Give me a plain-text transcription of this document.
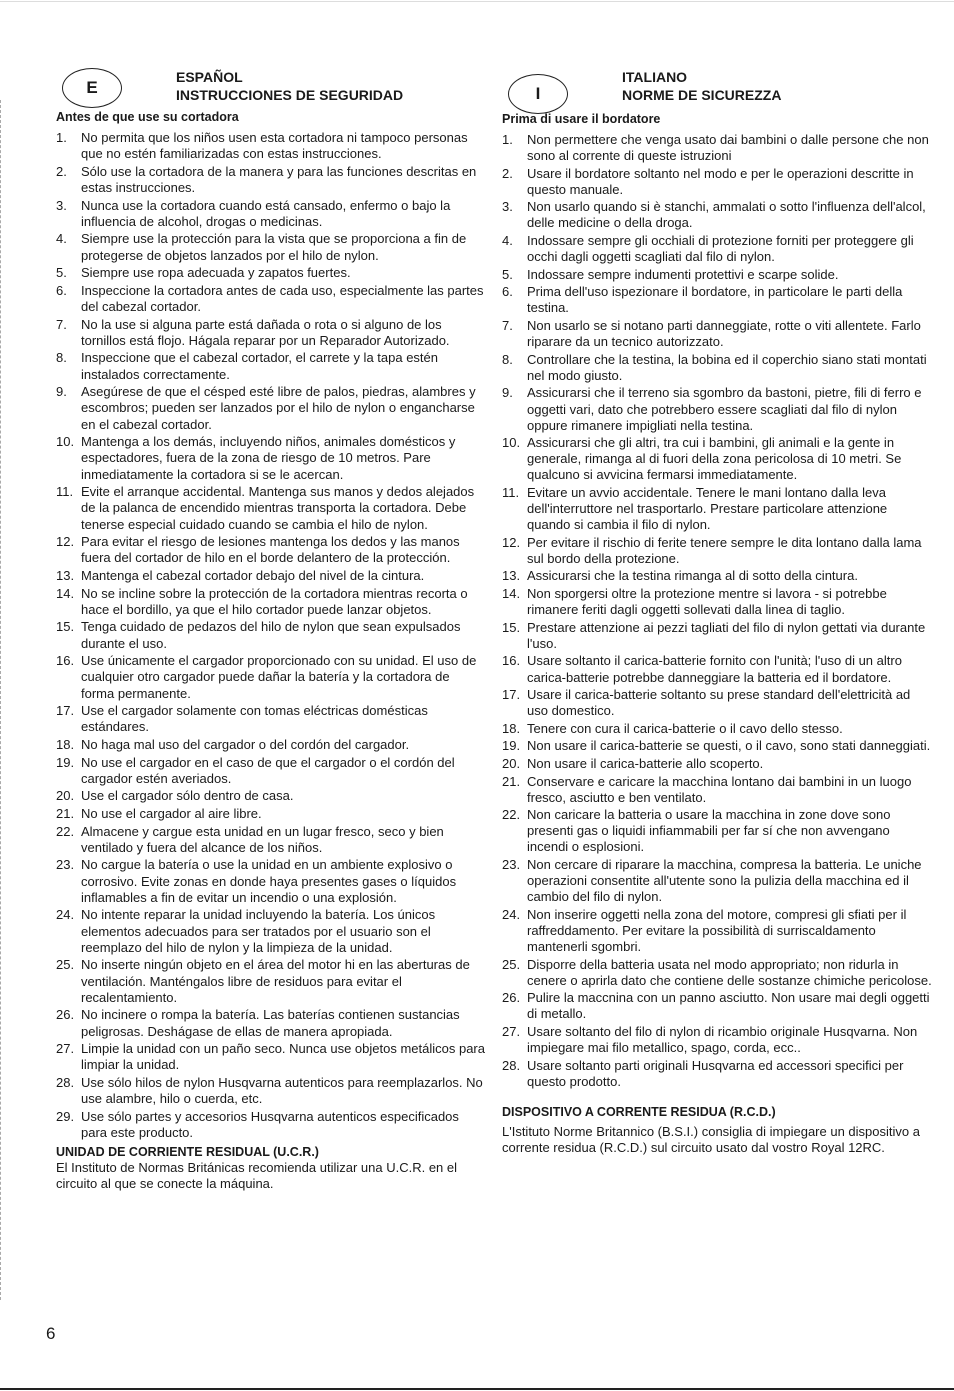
E
ESPAÑOL
INSTRUCCIONES DE SEGURIDAD
Antes de que use su cortadora
1.	No permita que los niños usen esta cortadora ni tampoco personas que no estén familiarizadas con estas instrucciones.
2.	Sólo use la cortadora de la manera y para las funciones descritas en estas instrucciones.
3.	Nunca use la cortadora cuando está cansado, enfermo o bajo la influencia de alcohol, drogas o medicinas.
4.	Siempre use la protección para la vista que se proporciona a fin de protegerse de objetos lanzados por el hilo de nylon.
5.	Siempre use ropa adecuada y zapatos fuertes.
6.	Inspeccione la cortadora antes de cada uso, especialmente las partes del cabezal cortador.
7.	No la use si alguna parte está dañada o rota o si alguno de los tornillos está flojo. Hágala reparar por un Reparador Autorizado.
8.	Inspeccione que el cabezal cortador, el carrete y la tapa estén instalados correctamente.
9.	Asegúrese de que el césped esté libre de palos, piedras, alambres y escombros; pueden ser lanzados por el hilo de nylon o engancharse en el cabezal cortador.
10. Mantenga a los demás, incluyendo niños, animales domésticos y espectadores, fuera de la zona de riesgo de 10 metros. Pare inmediatamente la cortadora si se le acercan.
11. Evite el arranque accidental. Mantenga sus manos y dedos alejados de la palanca de encendido mientras transporta la cortadora. Debe tenerse especial cuidado cuando se cambia el hilo de nylon.
12. Para evitar el riesgo de lesiones mantenga los dedos y las manos fuera del cortador de hilo en el borde delantero de la protección.
13. Mantenga el cabezal cortador debajo del nivel de la cintura.
14. No se incline sobre la protección de la cortadora mientras recorta o hace el bordillo, ya que el hilo cortador puede lanzar objetos.
15. Tenga cuidado de pedazos del hilo de nylon que sean expulsados durante el uso.
16. Use únicamente el cargador proporcionado con su unidad. El uso de cualquier otro cargador puede dañar la batería y la cortadora de forma permanente.
17. Use el cargador solamente con tomas eléctricas domésticas estándares.
18. No haga mal uso del cargador o del cordón del cargador.
19. No use el cargador en el caso de que el cargador o el cordón del cargador estén averiados.
20. Use el cargador sólo dentro de casa.
21. No use el cargador al aire libre.
22. Almacene y cargue esta unidad en un lugar fresco, seco y bien ventilado y fuera del alcance de los niños.
23. No cargue la batería o use la unidad en un ambiente explosivo o corrosivo. Evite zonas en donde haya presentes gases o líquidos inflamables a fin de evitar un incendio o una explosión.
24. No intente reparar la unidad incluyendo la batería. Los únicos elementos adecuados para ser tratados por el usuario son el reemplazo del hilo de nylon y la limpieza de la unidad.
25. No inserte ningún objeto en el área del motor hi en las aberturas de ventilación. Manténgalos libre de residuos para evitar el recalentamiento.
26. No incinere o rompa la batería. Las baterías contienen sustancias peligrosas. Deshágase de ellas de manera apropiada.
27. Limpie la unidad con un paño seco. Nunca use objetos metálicos para limpiar la unidad.
28. Use sólo hilos de nylon Husqvarna autenticos para reemplazarlos. No use alambre, hilo o cuerda, etc.
29. Use sólo partes y accesorios Husqvarna autenticos especificados para este producto.
UNIDAD DE CORRIENTE RESIDUAL (U.C.R.)
El Instituto de Normas Británicas recomienda utilizar una U.C.R. en el circuito al que se conecte la máquina.
I
ITALIANO
NORME DE SICUREZZA
Prima di usare il bordatore
1.	Non permettere che venga usato dai bambini o dalle persone che non sono al corrente di queste istruzioni
2.	Usare il bordatore soltanto nel modo e per le operazioni descritte in questo manuale.
3.	Non usarlo quando si è stanchi, ammalati o sotto l'influenza dell'alcol, delle medicine o della droga.
4.	Indossare sempre gli occhiali di protezione forniti per proteggere gli occhi dagli oggetti scagliati dal filo di nylon.
5.	Indossare sempre indumenti protettivi e scarpe solide.
6.	Prima dell'uso ispezionare il bordatore, in particolare le parti della testina.
7.	Non usarlo se si notano parti danneggiate, rotte o viti allentete. Farlo riparare da un tecnico autorizzato.
8.	Controllare che la testina, la bobina ed il coperchio siano stati montati nel modo giusto.
9.	Assicurarsi che il terreno sia sgombro da bastoni, pietre, fili di ferro e oggetti vari, dato che potrebbero essere scagliati dal filo di nylon oppure rimanere impigliati nella testina.
10. Assicurarsi che gli altri, tra cui i bambini, gli animali e la gente in generale, rimanga al di fuori della zona pericolosa di 10 metri. Se qualcuno si avvicina fermarsi immediatamente.
11. Evitare un avvio accidentale. Tenere le mani lontano dalla leva dell'interruttore nel trasportarlo. Prestare particolare attenzione quando si cambia il filo di nylon.
12. Per evitare il rischio di ferite tenere sempre le dita lontano dalla lama sul bordo della protezione.
13. Assicurarsi che la testina rimanga al di sotto della cintura.
14. Non sporgersi oltre la protezione mentre si lavora - si potrebbe rimanere feriti dagli oggetti sollevati dalla linea di taglio.
15. Prestare attenzione ai pezzi tagliati del filo di nylon gettati via durante l'uso.
16. Usare soltanto il carica-batterie fornito con l'unità; l'uso di un altro carica-batterie potrebbe danneggiare la batteria ed il bordatore.
17. Usare il carica-batterie soltanto su prese standard dell'elettricità ad uso domestico.
18. Tenere con cura il carica-batterie o il cavo dello stesso.
19. Non usare il carica-batterie se questi, o il cavo, sono stati danneggiati.
20. Non usare il carica-batterie allo scoperto.
21. Conservare e caricare la macchina lontano dai bambini in un luogo fresco, asciutto e ben ventilato.
22. Non caricare la batteria o usare la macchina in zone dove sono presenti gas o liquidi infiammabili per far sí che non avvengano incendi o esplosioni.
23. Non cercare di riparare la macchina, compresa la batteria. Le uniche operazioni consentite all'utente sono la pulizia della macchina ed il cambio del filo di nylon.
24. Non inserire oggetti nella zona del motore, compresi gli sfiati per il raffreddamento. Per evitare la possibilità di surriscaldamento mantenerli sgombri.
25. Disporre della batteria usata nel modo appropriato; non ridurla in cenere o aprirla dato che contiene delle sostanze chimiche pericolose.
26. Pulire la maccnina con un panno asciutto. Non usare mai degli oggetti di metallo.
27. Usare soltanto del filo di nylon di ricambio originale Husqvarna. Non impiegare mai filo metallico, spago, corda, ecc..
28. Usare soltanto parti originali Husqvarna ed accessori specifici per questo prodotto.
DISPOSITIVO A CORRENTE RESIDUA (R.C.D.)
L'Istituto Norme Britannico (B.S.I.) consiglia di impiegare un dispositivo a corrente residua (R.C.D.) sul circuito usato dal vostro Royal 12RC.
6
